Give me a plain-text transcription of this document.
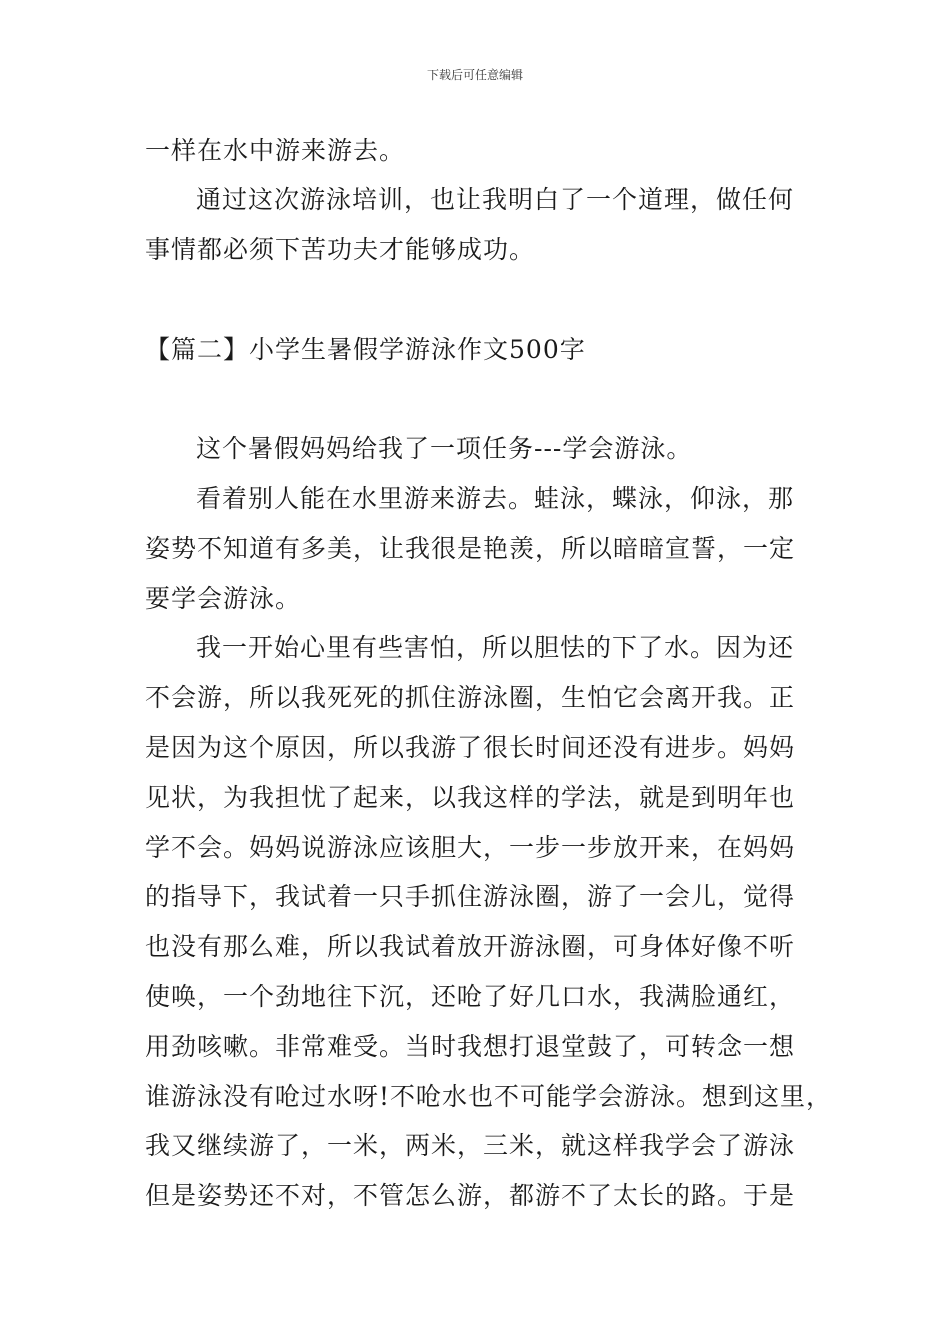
下载后可任意编辑
一样在水中游来游去。
通过这次游泳培训，也让我明白了一个道理，做任何
事情都必须下苦功夫才能够成功。
【篇二】小学生暑假学游泳作文500字
这个暑假妈妈给我了一项任务---学会游泳。
看着别人能在水里游来游去。蛙泳，蝶泳，仰泳，那
姿势不知道有多美，让我很是艳羡，所以暗暗宣誓，一定
要学会游泳。
我一开始心里有些害怕，所以胆怯的下了水。因为还
不会游，所以我死死的抓住游泳圈，生怕它会离开我。正
是因为这个原因，所以我游了很长时间还没有进步。妈妈
见状，为我担忧了起来，以我这样的学法，就是到明年也
学不会。妈妈说游泳应该胆大，一步一步放开来，在妈妈
的指导下，我试着一只手抓住游泳圈，游了一会儿，觉得
也没有那么难，所以我试着放开游泳圈，可身体好像不听
使唤，一个劲地往下沉，还呛了好几口水，我满脸通红，
用劲咳嗽。非常难受。当时我想打退堂鼓了，可转念一想
谁游泳没有呛过水呀!不呛水也不可能学会游泳。想到这里，
我又继续游了，一米，两米，三米，就这样我学会了游泳
但是姿势还不对，不管怎么游，都游不了太长的路。于是
